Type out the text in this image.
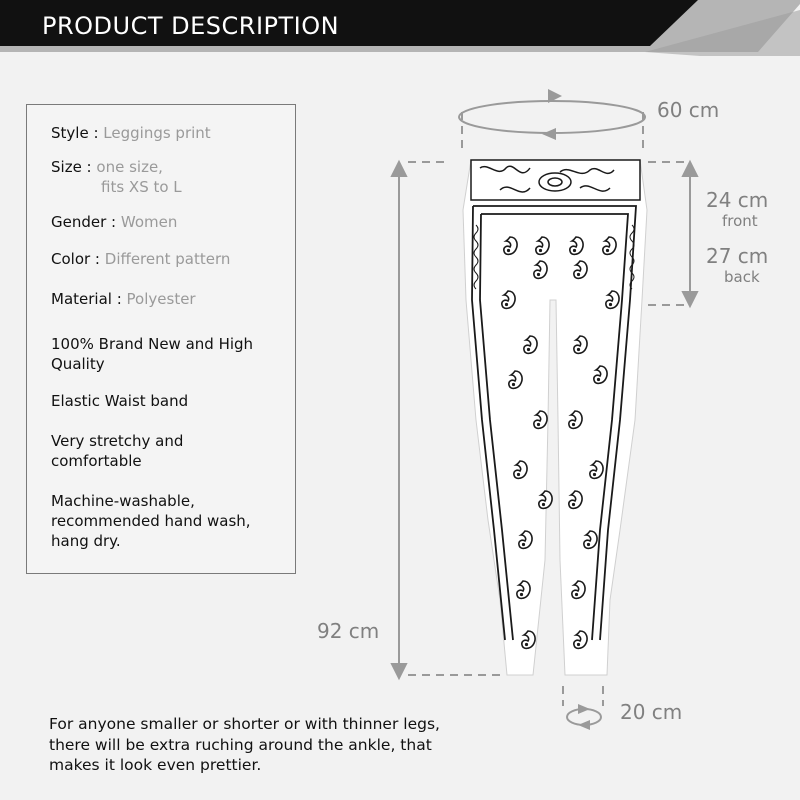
PRODUCT DESCRIPTION
Style : Leggings print
Size : one size,
fits XS to L
Gender : Women
Color : Different pattern
Material : Polyester
100% Brand New and High Quality
Elastic Waist band
Very stretchy and comfortable
Machine-washable, recommended hand wash, hang dry.
For anyone smaller or shorter or with thinner legs, there will be extra ruching around the ankle, that makes it look even prettier.
60 cm
24 cm
front
27 cm
back
92 cm
20 cm
